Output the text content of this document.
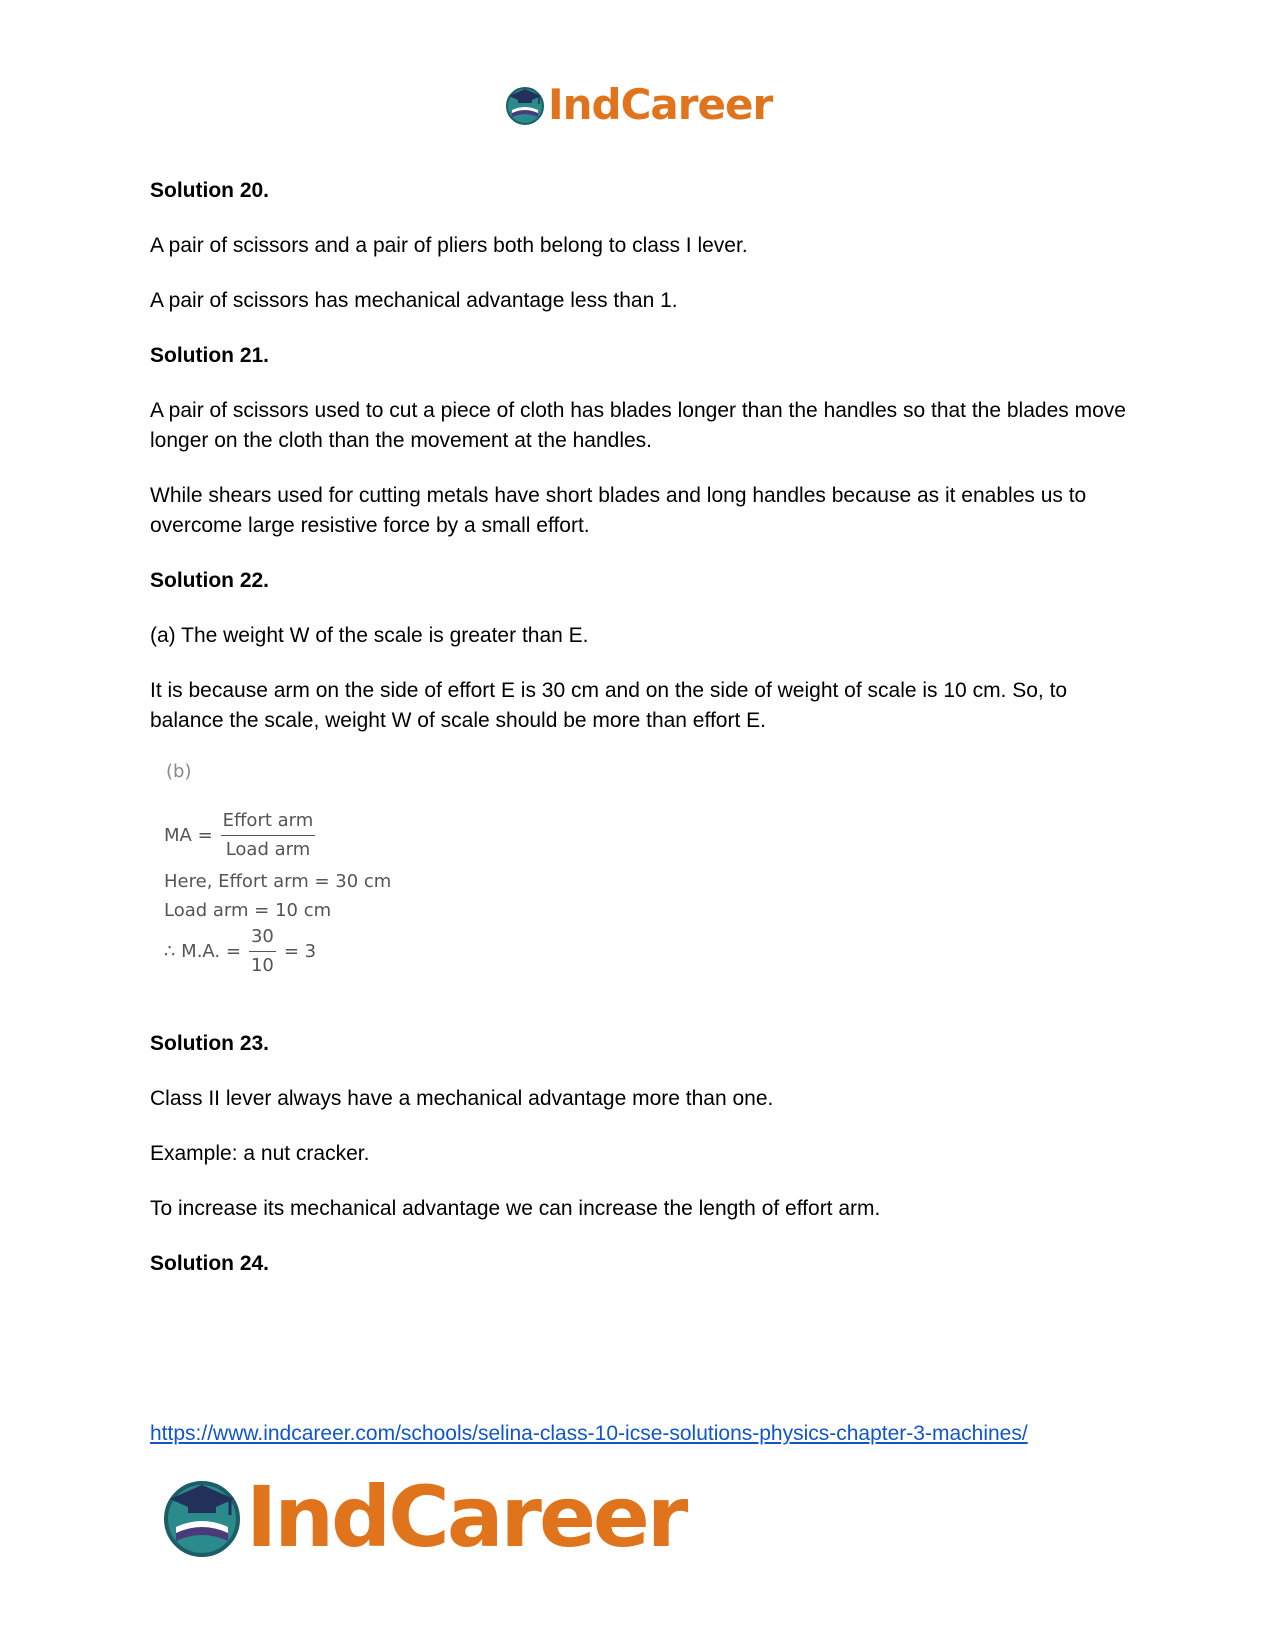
IndCareer
Solution 20.
A pair of scissors and a pair of pliers both belong to class I lever.
A pair of scissors has mechanical advantage less than 1.
Solution 21.
A pair of scissors used to cut a piece of cloth has blades longer than the handles so that the blades move longer on the cloth than the movement at the handles.
While shears used for cutting metals have short blades and long handles because as it enables us to overcome large resistive force by a small effort.
Solution 22.
(a) The weight W of the scale is greater than E.
It is because arm on the side of effort E is 30 cm and on the side of weight of scale is 10 cm. So, to balance the scale, weight W of scale should be more than effort E.
(b)
MA = $\frac{\text{Effort arm}}{\text{Load arm}}$
Here, Effort arm = 30 cm
Load arm = 10 cm
∴ M.A. = $\frac{30}{10} = 3$
Solution 23.
Class II lever always have a mechanical advantage more than one.
Example: a nut cracker.
To increase its mechanical advantage we can increase the length of effort arm.
Solution 24.
https://www.indcareer.com/schools/selina-class-10-icse-solutions-physics-chapter-3-machines/
IndCareer
